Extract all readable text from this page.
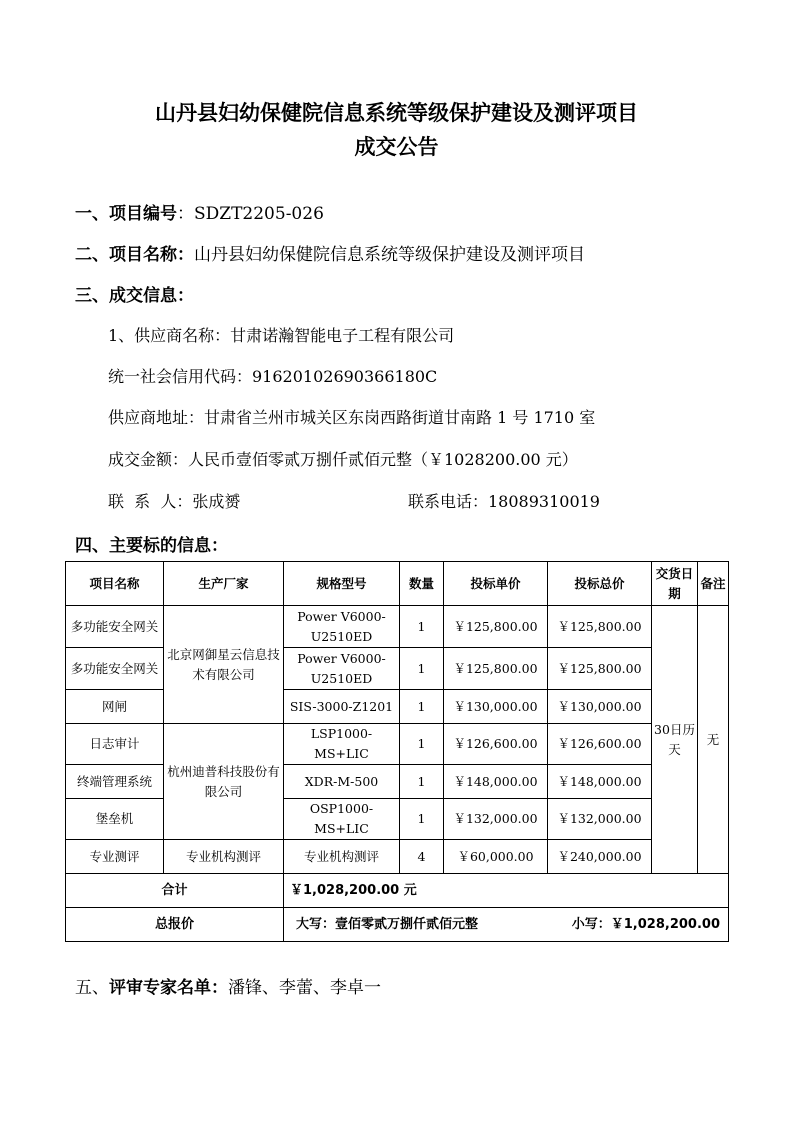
山丹县妇幼保健院信息系统等级保护建设及测评项目
成交公告
一、项目编号：SDZT2205-026
二、项目名称：山丹县妇幼保健院信息系统等级保护建设及测评项目
三、成交信息：
1、供应商名称：甘肃诺瀚智能电子工程有限公司
统一社会信用代码：91620102690366180C
供应商地址：甘肃省兰州市城关区东岗西路街道甘南路 1 号 1710 室
成交金额：人民币壹佰零贰万捌仟贰佰元整（￥1028200.00 元）
联  系  人：张成赟	联系电话：18089310019
四、主要标的信息：
项目名称	生产厂家	规格型号	数量	投标单价	投标总价	交货日期	备注
多功能安全网关	北京网御星云信息技术有限公司	Power V6000-U2510ED	1	￥125,800.00	￥125,800.00	30日历天	无
多功能安全网关		Power V6000-U2510ED	1	￥125,800.00	￥125,800.00		
网闸		SIS-3000-Z1201	1	￥130,000.00	￥130,000.00		
日志审计	杭州迪普科技股份有限公司	LSP1000-MS+LIC	1	￥126,600.00	￥126,600.00		
终端管理系统		XDR-M-500	1	￥148,000.00	￥148,000.00		
堡垒机		OSP1000-MS+LIC	1	￥132,000.00	￥132,000.00		
专业测评	专业机构测评	专业机构测评	4	￥60,000.00	￥240,000.00		
合计		￥1,028,200.00 元					
总报价		大写：壹佰零贰万捌仟贰佰元整 小写：￥1,028,200.00					
五、评审专家名单：潘锋、李蕾、李卓一
